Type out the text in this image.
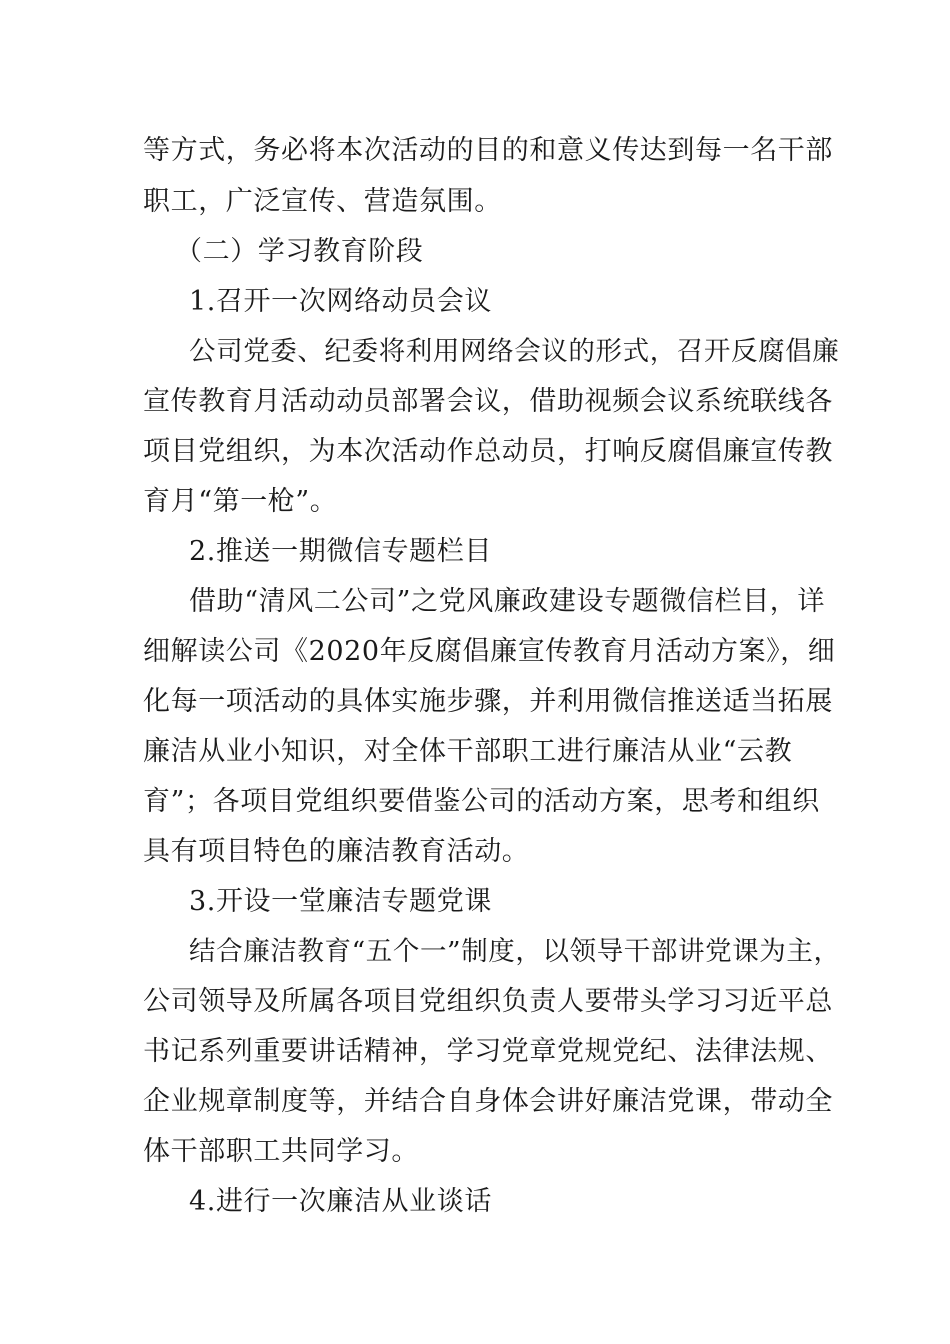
等方式，务必将本次活动的目的和意义传达到每一名干部
职工，广泛宣传、营造氛围。
（二）学习教育阶段
1.召开一次网络动员会议
公司党委、纪委将利用网络会议的形式，召开反腐倡廉
宣传教育月活动动员部署会议，借助视频会议系统联线各
项目党组织，为本次活动作总动员，打响反腐倡廉宣传教
育月“第一枪”。
2.推送一期微信专题栏目
借助“清风二公司”之党风廉政建设专题微信栏目，详
细解读公司《2020年反腐倡廉宣传教育月活动方案》，细
化每一项活动的具体实施步骤，并利用微信推送适当拓展
廉洁从业小知识，对全体干部职工进行廉洁从业“云教
育”；各项目党组织要借鉴公司的活动方案，思考和组织
具有项目特色的廉洁教育活动。
3.开设一堂廉洁专题党课
结合廉洁教育“五个一”制度，以领导干部讲党课为主，
公司领导及所属各项目党组织负责人要带头学习习近平总
书记系列重要讲话精神，学习党章党规党纪、法律法规、
企业规章制度等，并结合自身体会讲好廉洁党课，带动全
体干部职工共同学习。
4.进行一次廉洁从业谈话
